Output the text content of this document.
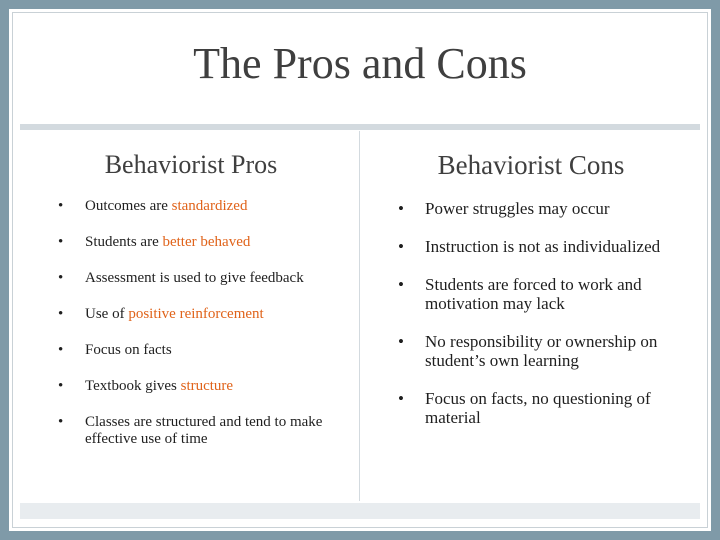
The Pros and Cons
Behaviorist Pros
• Outcomes are standardized
• Students are better behaved
• Assessment is used to give feedback
• Use of positive reinforcement
• Focus on facts
• Textbook gives structure
• Classes are structured and tend to make effective use of time
Behaviorist Cons
• Power struggles may occur
• Instruction is not as individualized
• Students are forced to work and motivation may lack
• No responsibility or ownership on student’s own learning
• Focus on facts, no questioning of material
